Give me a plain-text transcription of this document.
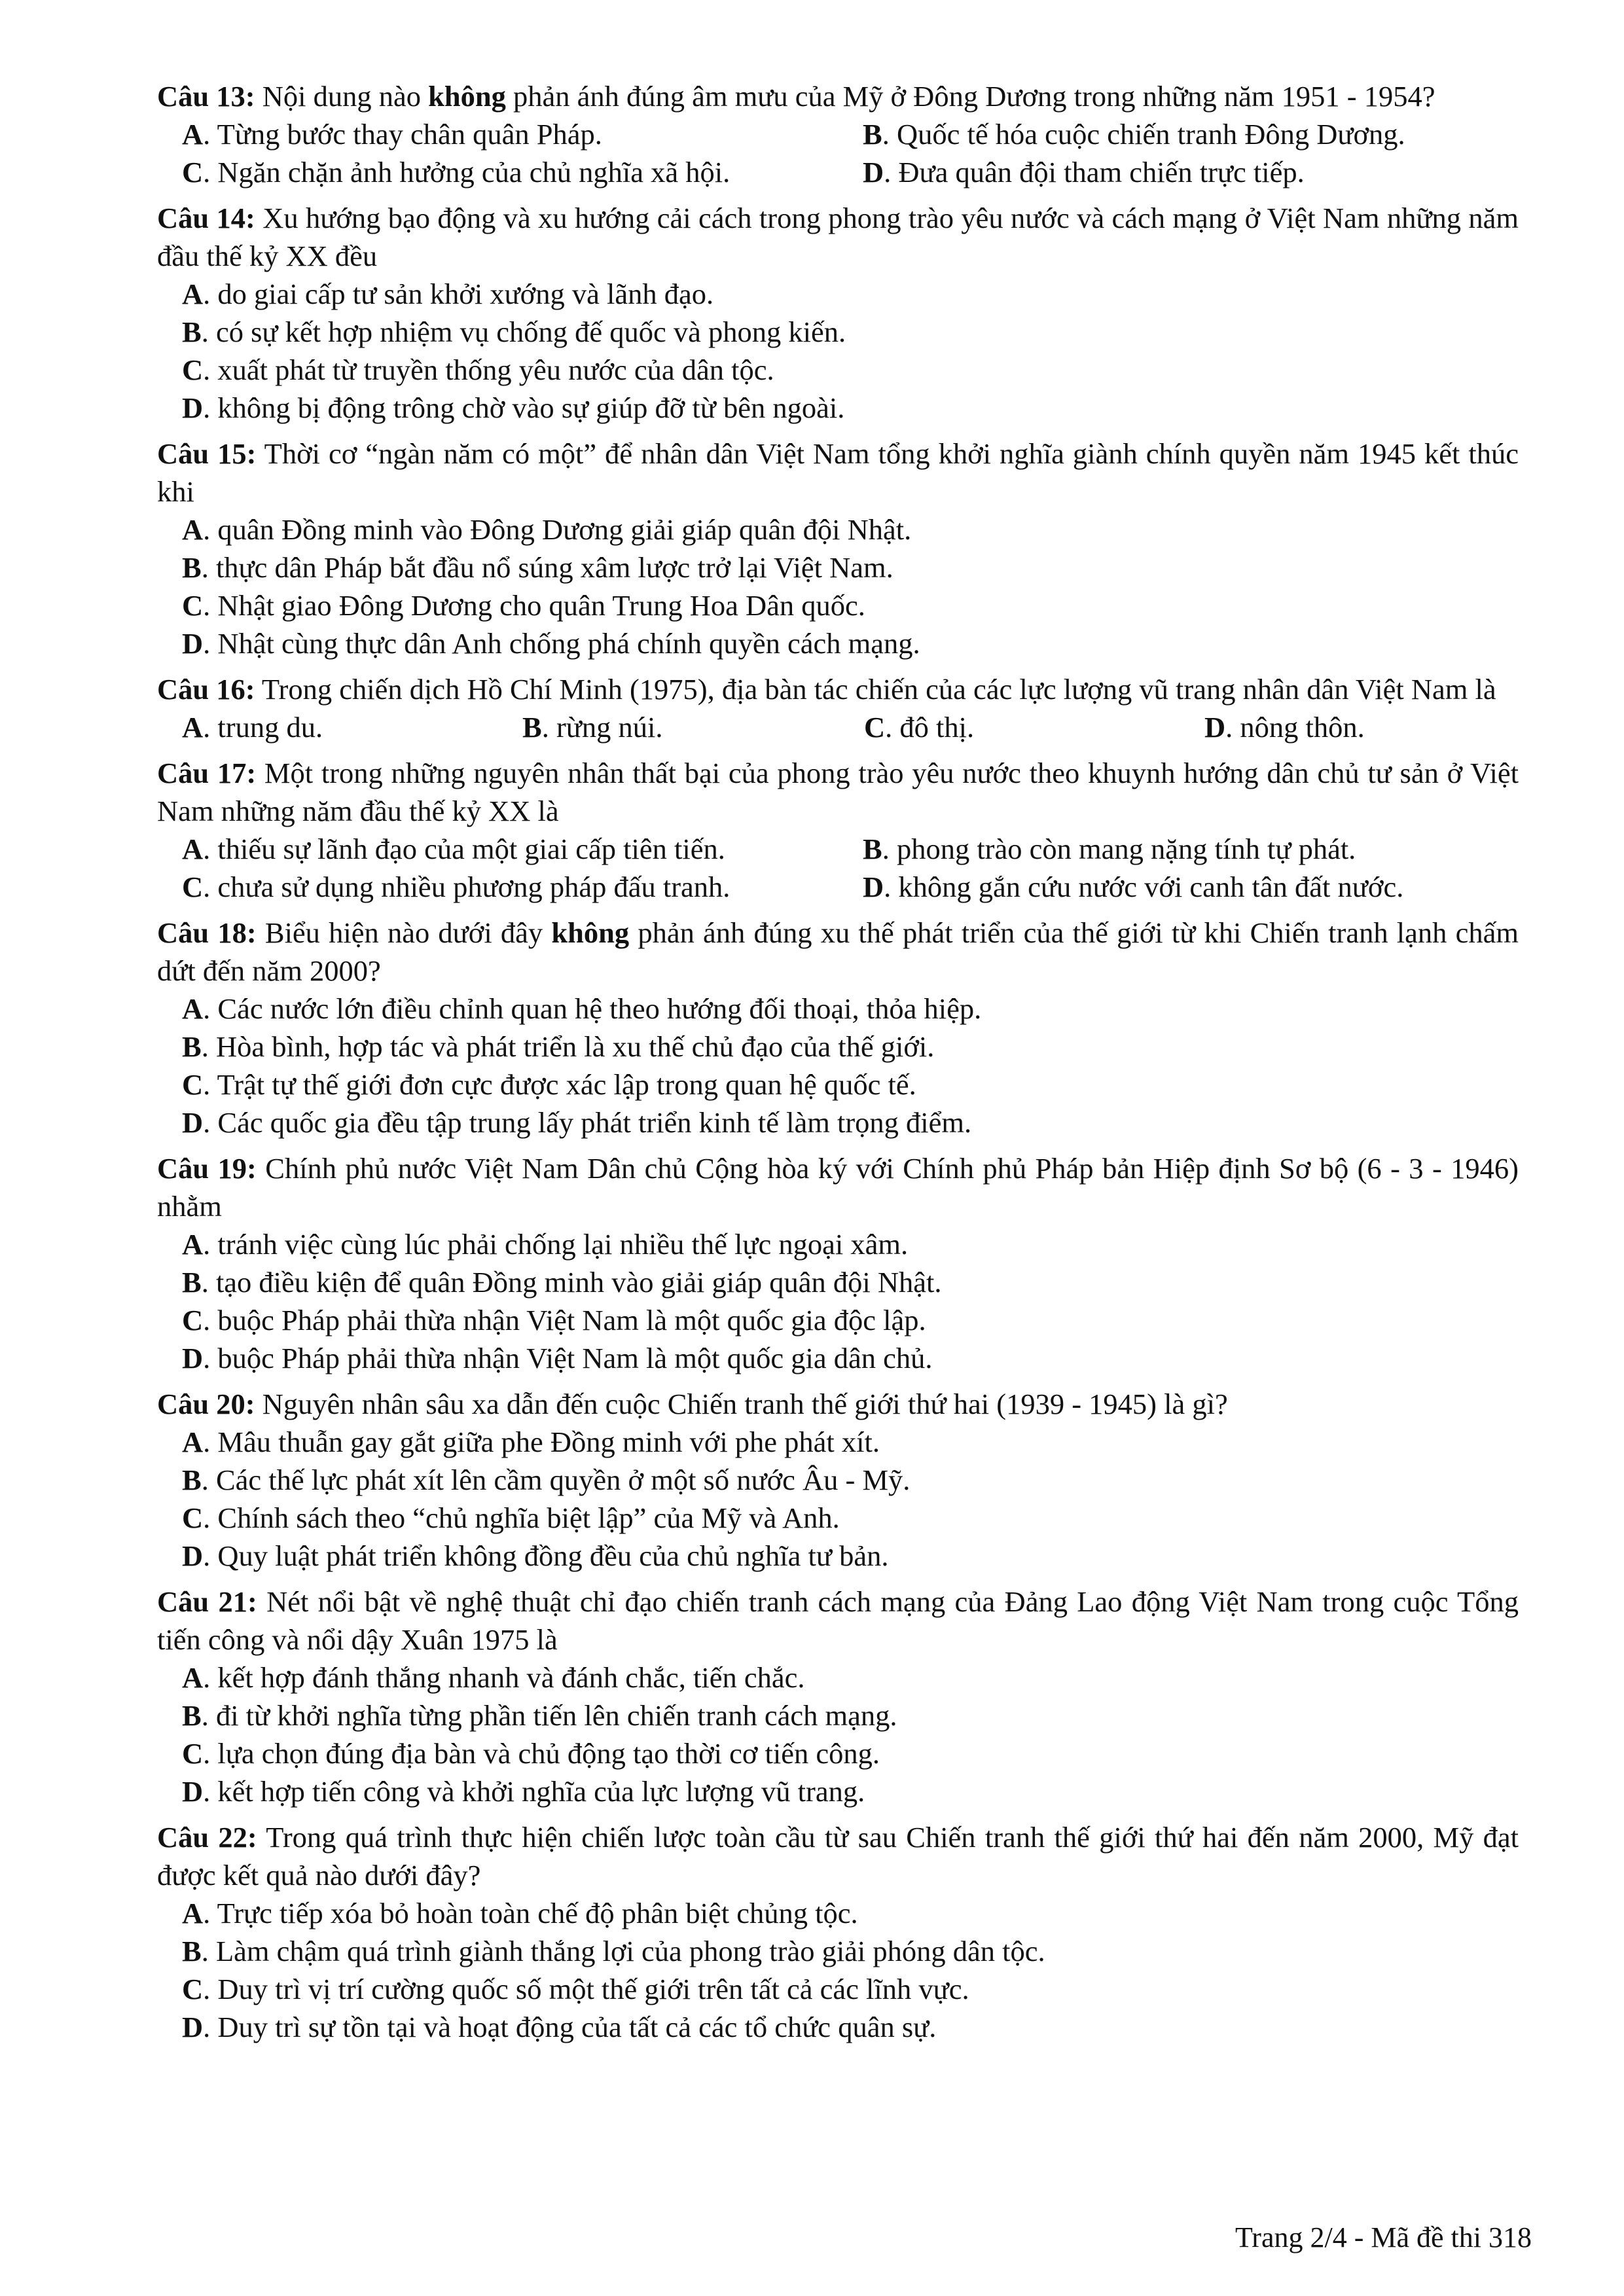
Câu 13: Nội dung nào không phản ánh đúng âm mưu của Mỹ ở Đông Dương trong những năm 1951 - 1954?
A. Từng bước thay chân quân Pháp.	B. Quốc tế hóa cuộc chiến tranh Đông Dương.
C. Ngăn chặn ảnh hưởng của chủ nghĩa xã hội.	D. Đưa quân đội tham chiến trực tiếp.
Câu 14: Xu hướng bạo động và xu hướng cải cách trong phong trào yêu nước và cách mạng ở Việt Nam những năm đầu thế kỷ XX đều
A. do giai cấp tư sản khởi xướng và lãnh đạo.
B. có sự kết hợp nhiệm vụ chống đế quốc và phong kiến.
C. xuất phát từ truyền thống yêu nước của dân tộc.
D. không bị động trông chờ vào sự giúp đỡ từ bên ngoài.
Câu 15: Thời cơ “ngàn năm có một” để nhân dân Việt Nam tổng khởi nghĩa giành chính quyền năm 1945 kết thúc khi
A. quân Đồng minh vào Đông Dương giải giáp quân đội Nhật.
B. thực dân Pháp bắt đầu nổ súng xâm lược trở lại Việt Nam.
C. Nhật giao Đông Dương cho quân Trung Hoa Dân quốc.
D. Nhật cùng thực dân Anh chống phá chính quyền cách mạng.
Câu 16: Trong chiến dịch Hồ Chí Minh (1975), địa bàn tác chiến của các lực lượng vũ trang nhân dân Việt Nam là
A. trung du.	B. rừng núi.	C. đô thị.	D. nông thôn.
Câu 17: Một trong những nguyên nhân thất bại của phong trào yêu nước theo khuynh hướng dân chủ tư sản ở Việt Nam những năm đầu thế kỷ XX là
A. thiếu sự lãnh đạo của một giai cấp tiên tiến.	B. phong trào còn mang nặng tính tự phát.
C. chưa sử dụng nhiều phương pháp đấu tranh.	D. không gắn cứu nước với canh tân đất nước.
Câu 18: Biểu hiện nào dưới đây không phản ánh đúng xu thế phát triển của thế giới từ khi Chiến tranh lạnh chấm dứt đến năm 2000?
A. Các nước lớn điều chỉnh quan hệ theo hướng đối thoại, thỏa hiệp.
B. Hòa bình, hợp tác và phát triển là xu thế chủ đạo của thế giới.
C. Trật tự thế giới đơn cực được xác lập trong quan hệ quốc tế.
D. Các quốc gia đều tập trung lấy phát triển kinh tế làm trọng điểm.
Câu 19: Chính phủ nước Việt Nam Dân chủ Cộng hòa ký với Chính phủ Pháp bản Hiệp định Sơ bộ (6 - 3 - 1946) nhằm
A. tránh việc cùng lúc phải chống lại nhiều thế lực ngoại xâm.
B. tạo điều kiện để quân Đồng minh vào giải giáp quân đội Nhật.
C. buộc Pháp phải thừa nhận Việt Nam là một quốc gia độc lập.
D. buộc Pháp phải thừa nhận Việt Nam là một quốc gia dân chủ.
Câu 20: Nguyên nhân sâu xa dẫn đến cuộc Chiến tranh thế giới thứ hai (1939 - 1945) là gì?
A. Mâu thuẫn gay gắt giữa phe Đồng minh với phe phát xít.
B. Các thế lực phát xít lên cầm quyền ở một số nước Âu - Mỹ.
C. Chính sách theo “chủ nghĩa biệt lập” của Mỹ và Anh.
D. Quy luật phát triển không đồng đều của chủ nghĩa tư bản.
Câu 21: Nét nổi bật về nghệ thuật chỉ đạo chiến tranh cách mạng của Đảng Lao động Việt Nam trong cuộc Tổng tiến công và nổi dậy Xuân 1975 là
A. kết hợp đánh thắng nhanh và đánh chắc, tiến chắc.
B. đi từ khởi nghĩa từng phần tiến lên chiến tranh cách mạng.
C. lựa chọn đúng địa bàn và chủ động tạo thời cơ tiến công.
D. kết hợp tiến công và khởi nghĩa của lực lượng vũ trang.
Câu 22: Trong quá trình thực hiện chiến lược toàn cầu từ sau Chiến tranh thế giới thứ hai đến năm 2000, Mỹ đạt được kết quả nào dưới đây?
A. Trực tiếp xóa bỏ hoàn toàn chế độ phân biệt chủng tộc.
B. Làm chậm quá trình giành thắng lợi của phong trào giải phóng dân tộc.
C. Duy trì vị trí cường quốc số một thế giới trên tất cả các lĩnh vực.
D. Duy trì sự tồn tại và hoạt động của tất cả các tổ chức quân sự.
Trang 2/4 - Mã đề thi 318
